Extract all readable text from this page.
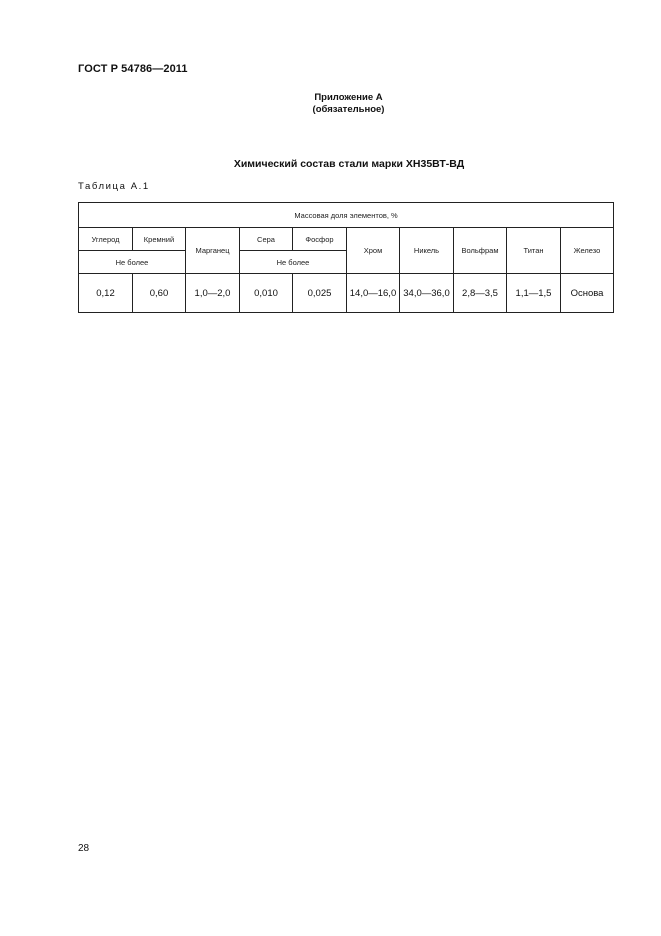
ГОСТ Р 54786—2011
Приложение А
(обязательное)
Химический состав стали марки ХН35ВТ-ВД
Таблица А.1
Массовая доля элементов, %									
Углерод	Кремний	Марганец	Сера	Фосфор	Хром	Никель	Вольфрам	Титан	Железо
Не более			Не более						
0,12	0,60	1,0—2,0	0,010	0,025	14,0—16,0	34,0—36,0	2,8—3,5	1,1—1,5	Основа
28
